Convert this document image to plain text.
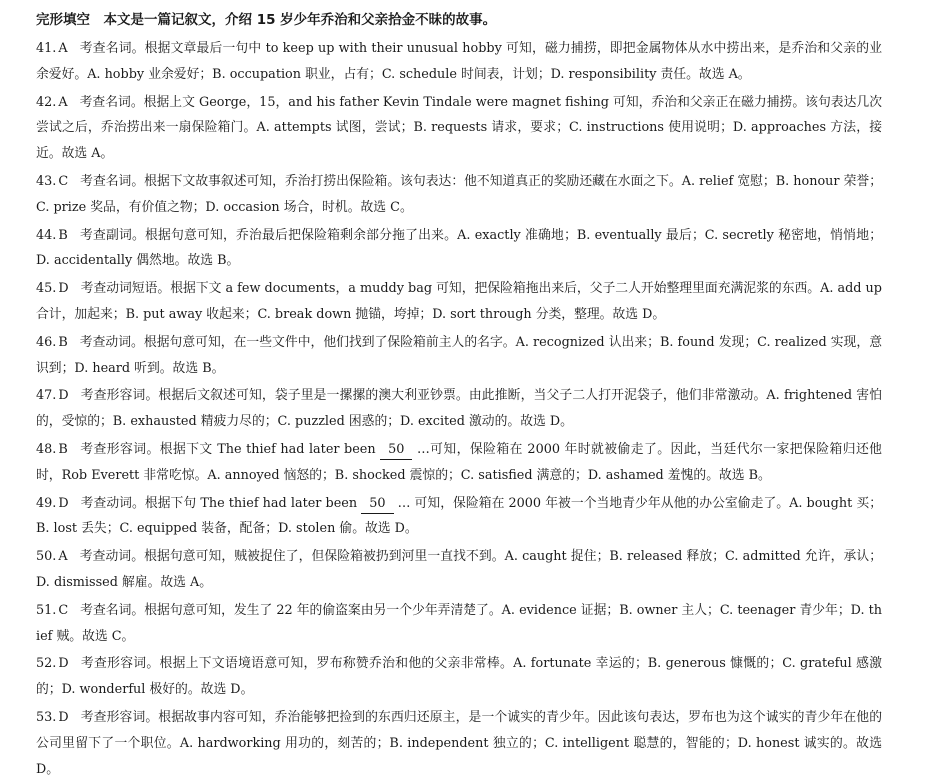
完形填空　本文是一篇记叙文，介绍 15 岁少年乔治和父亲拾金不昧的故事。
41. A 考查名词。根据文章最后一句中 to keep up with their unusual hobby 可知，磁力捕捞，即把金属物体从水中捞出来，是乔治和父亲的业余爱好。A. hobby 业余爱好；B. occupation 职业，占有；C. schedule 时间表，计划；D. responsibility 责任。故选 A。
42. A 考查名词。根据上文 George，15，and his father Kevin Tindale were magnet fishing 可知，乔治和父亲正在磁力捕捞。该句表达几次尝试之后，乔治捞出来一扇保险箱门。A. attempts 试图，尝试；B. requests 请求，要求；C. instructions 使用说明；D. approaches 方法，接近。故选 A。
43. C 考查名词。根据下文故事叙述可知，乔治打捞出保险箱。该句表达：他不知道真正的奖励还藏在水面之下。A. relief 宽慰；B. honour 荣誉；C. prize 奖品，有价值之物；D. occasion 场合，时机。故选 C。
44. B 考查副词。根据句意可知，乔治最后把保险箱剩余部分拖了出来。A. exactly 准确地；B. eventually 最后；C. secretly 秘密地，悄悄地；D. accidentally 偶然地。故选 B。
45. D 考查动词短语。根据下文 a few documents，a muddy bag 可知，把保险箱拖出来后，父子二人开始整理里面充满泥浆的东西。A. add up 合计，加起来；B. put away 收起来；C. break down 抛锚，垮掉；D. sort through 分类，整理。故选 D。
46. B 考查动词。根据句意可知，在一些文件中，他们找到了保险箱前主人的名字。A. recognized 认出来；B. found 发现；C. realized 实现，意识到；D. heard 听到。故选 B。
47. D 考查形容词。根据后文叙述可知，袋子里是一摞摞的澳大利亚钞票。由此推断，当父子二人打开泥袋子，他们非常激动。A. frightened 害怕的，受惊的；B. exhausted 精疲力尽的；C. puzzled 困惑的；D. excited 激动的。故选 D。
48. B 考查形容词。根据下文 The thief had later been 50 …可知，保险箱在 2000 年时就被偷走了。因此，当廷代尔一家把保险箱归还他时，Rob Everett 非常吃惊。A. annoyed 恼怒的；B. shocked 震惊的；C. satisfied 满意的；D. ashamed 羞愧的。故选 B。
49. D 考查动词。根据下句 The thief had later been 50 … 可知，保险箱在 2000 年被一个当地青少年从他的办公室偷走了。A. bought 买；B. lost 丢失；C. equipped 装备，配备；D. stolen 偷。故选 D。
50. A 考查动词。根据句意可知，贼被捉住了，但保险箱被扔到河里一直找不到。A. caught 捉住；B. released 释放；C. admitted 允许，承认；D. dismissed 解雇。故选 A。
51. C 考查名词。根据句意可知，发生了 22 年的偷盗案由另一个少年弄清楚了。A. evidence 证据；B. owner 主人；C. teenager 青少年；D. thief 贼。故选 C。
52. D 考查形容词。根据上下文语境语意可知，罗布称赞乔治和他的父亲非常棒。A. fortunate 幸运的；B. generous 慷慨的；C. grateful 感激的；D. wonderful 极好的。故选 D。
53. D 考查形容词。根据故事内容可知，乔治能够把捡到的东西归还原主，是一个诚实的青少年。因此该句表达，罗布也为这个诚实的青少年在他的公司里留下了一个职位。A. hardworking 用功的，刻苦的；B. independent 独立的；C. intelligent 聪慧的，智能的；D. honest 诚实的。故选 D。
